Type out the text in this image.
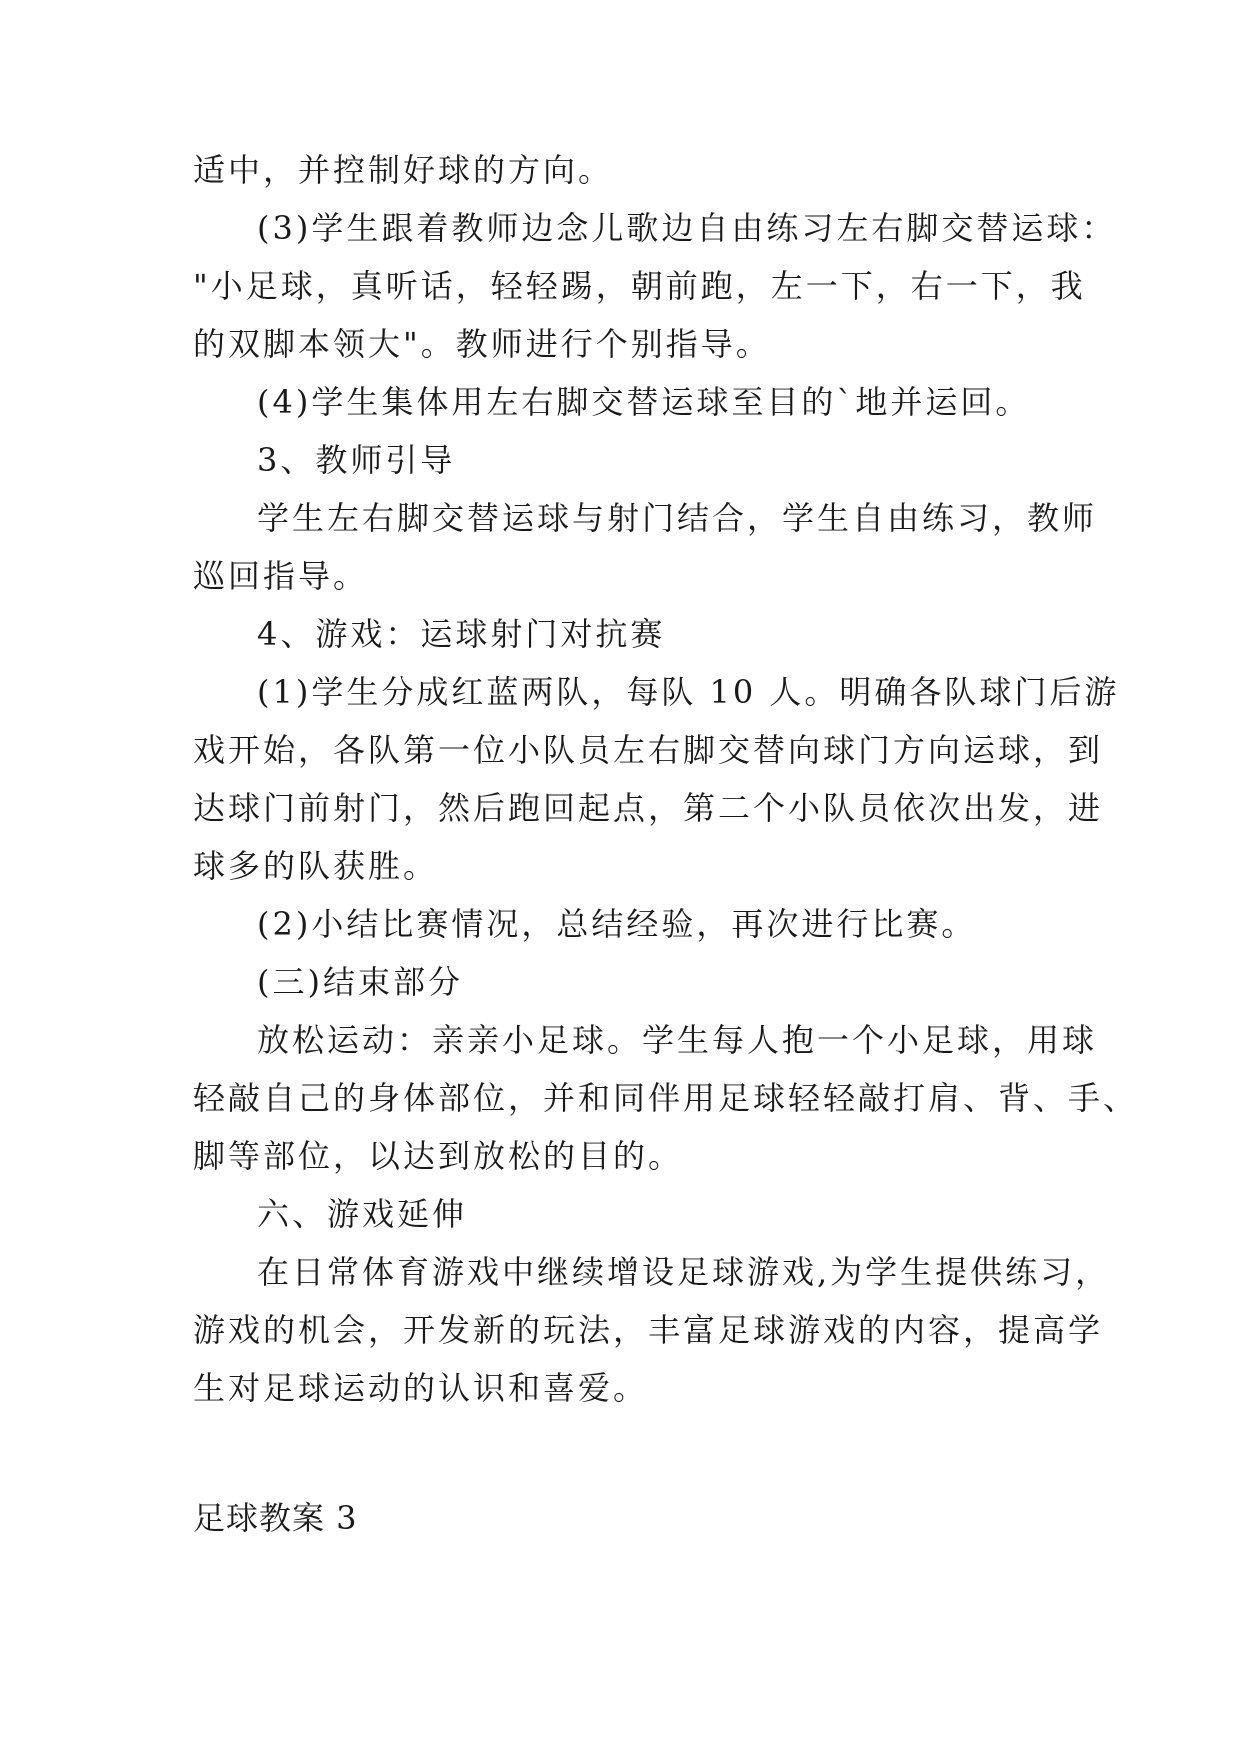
适中，并控制好球的方向。
(3)学生跟着教师边念儿歌边自由练习左右脚交替运球：
"小足球，真听话，轻轻踢，朝前跑，左一下，右一下，我
的双脚本领大"。教师进行个别指导。
(4)学生集体用左右脚交替运球至目的`地并运回。
3、教师引导
学生左右脚交替运球与射门结合，学生自由练习，教师
巡回指导。
4、游戏：运球射门对抗赛
(1)学生分成红蓝两队，每队 10 人。明确各队球门后游
戏开始，各队第一位小队员左右脚交替向球门方向运球，到
达球门前射门，然后跑回起点，第二个小队员依次出发，进
球多的队获胜。
(2)小结比赛情况，总结经验，再次进行比赛。
(三)结束部分
放松运动：亲亲小足球。学生每人抱一个小足球，用球
轻敲自己的身体部位，并和同伴用足球轻轻敲打肩、背、手、
脚等部位，以达到放松的目的。
六、游戏延伸
在日常体育游戏中继续增设足球游戏,为学生提供练习，
游戏的机会，开发新的玩法，丰富足球游戏的内容，提高学
生对足球运动的认识和喜爱。
足球教案 3
